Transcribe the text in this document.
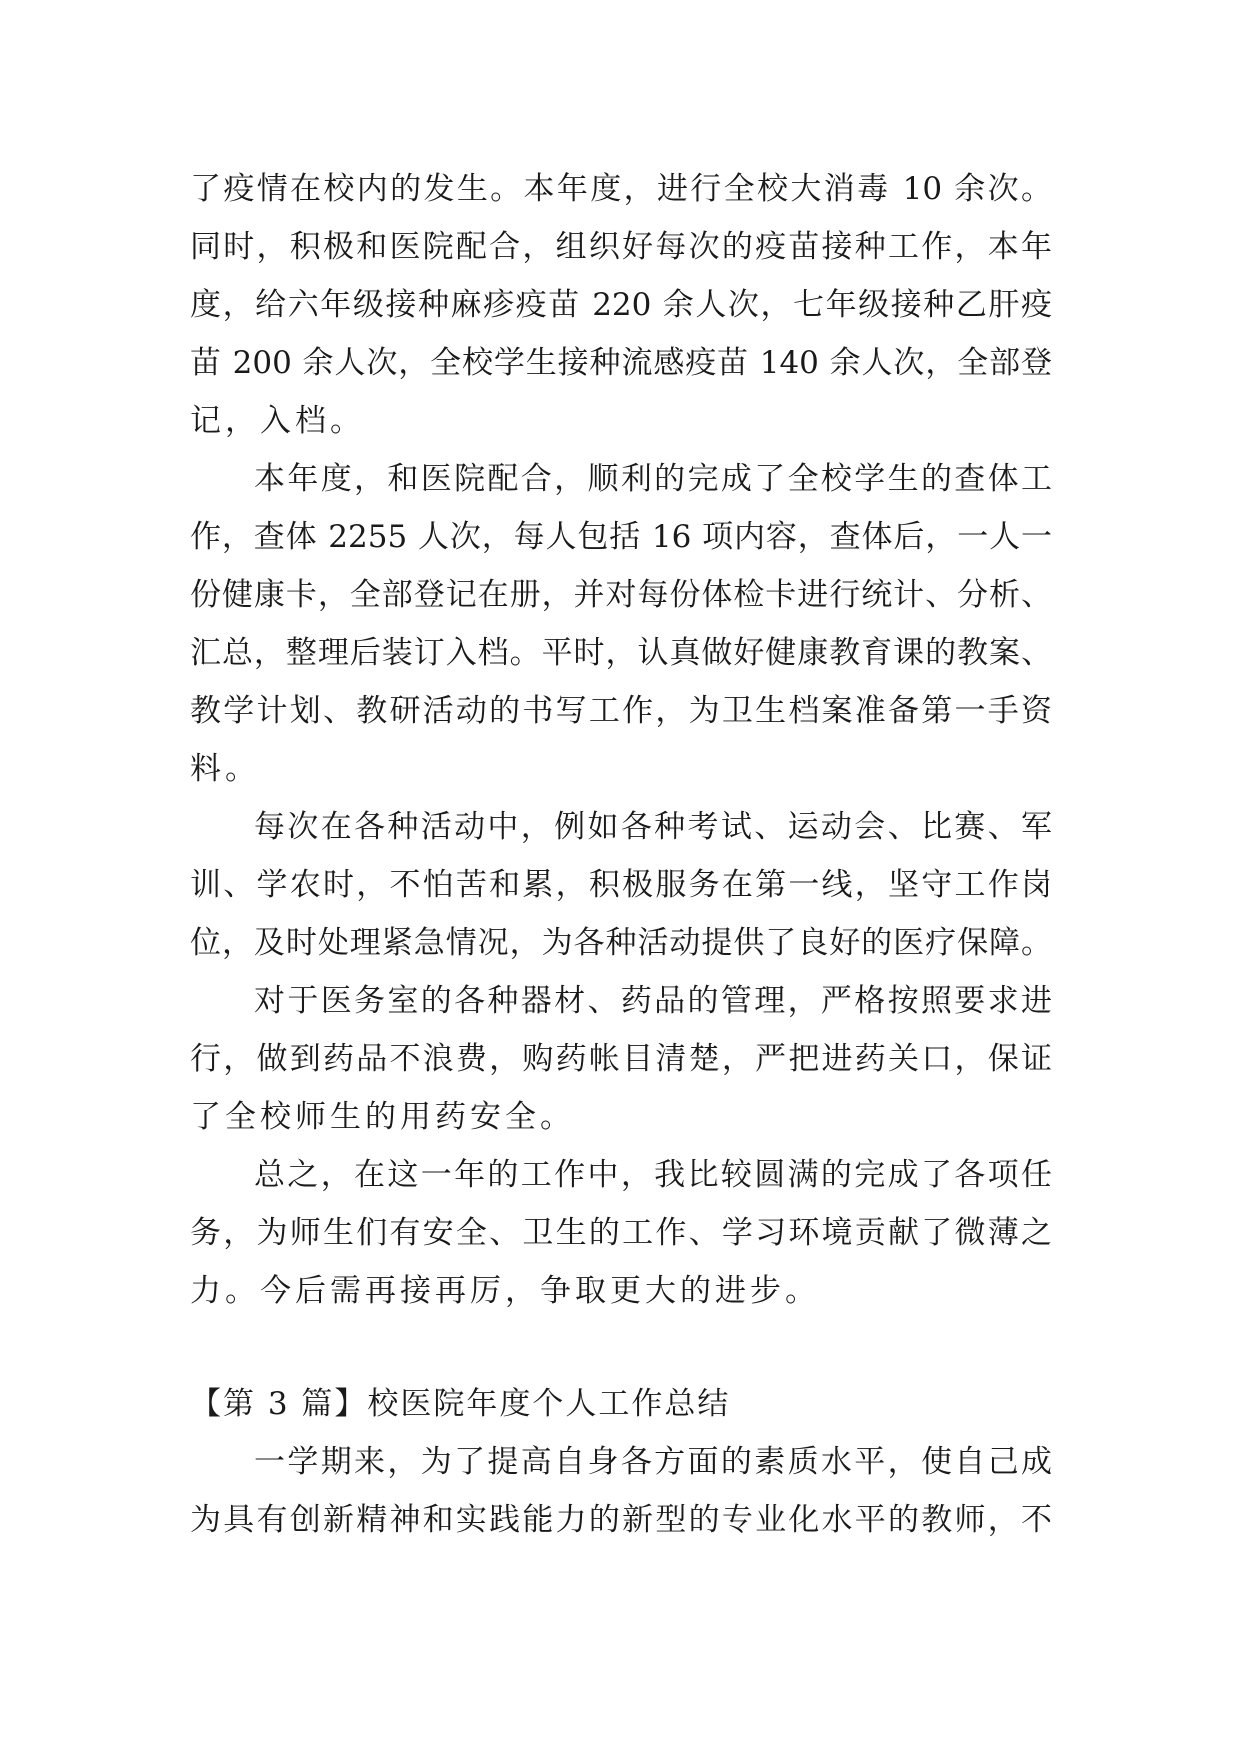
了疫情在校内的发生。本年度，进行全校大消毒 10 余次。
同时，积极和医院配合，组织好每次的疫苗接种工作，本年
度，给六年级接种麻疹疫苗 220 余人次，七年级接种乙肝疫
苗 200 余人次，全校学生接种流感疫苗 140 余人次，全部登
记，入档。
本年度，和医院配合，顺利的完成了全校学生的查体工
作，查体 2255 人次，每人包括 16 项内容，查体后，一人一
份健康卡，全部登记在册，并对每份体检卡进行统计、分析、
汇总，整理后装订入档。平时，认真做好健康教育课的教案、
教学计划、教研活动的书写工作，为卫生档案准备第一手资
料。
每次在各种活动中，例如各种考试、运动会、比赛、军
训、学农时，不怕苦和累，积极服务在第一线，坚守工作岗
位，及时处理紧急情况，为各种活动提供了良好的医疗保障。
对于医务室的各种器材、药品的管理，严格按照要求进
行，做到药品不浪费，购药帐目清楚，严把进药关口，保证
了全校师生的用药安全。
总之，在这一年的工作中，我比较圆满的完成了各项任
务，为师生们有安全、卫生的工作、学习环境贡献了微薄之
力。今后需再接再厉，争取更大的进步。
【第 3 篇】校医院年度个人工作总结
一学期来，为了提高自身各方面的素质水平，使自己成
为具有创新精神和实践能力的新型的专业化水平的教师，不
